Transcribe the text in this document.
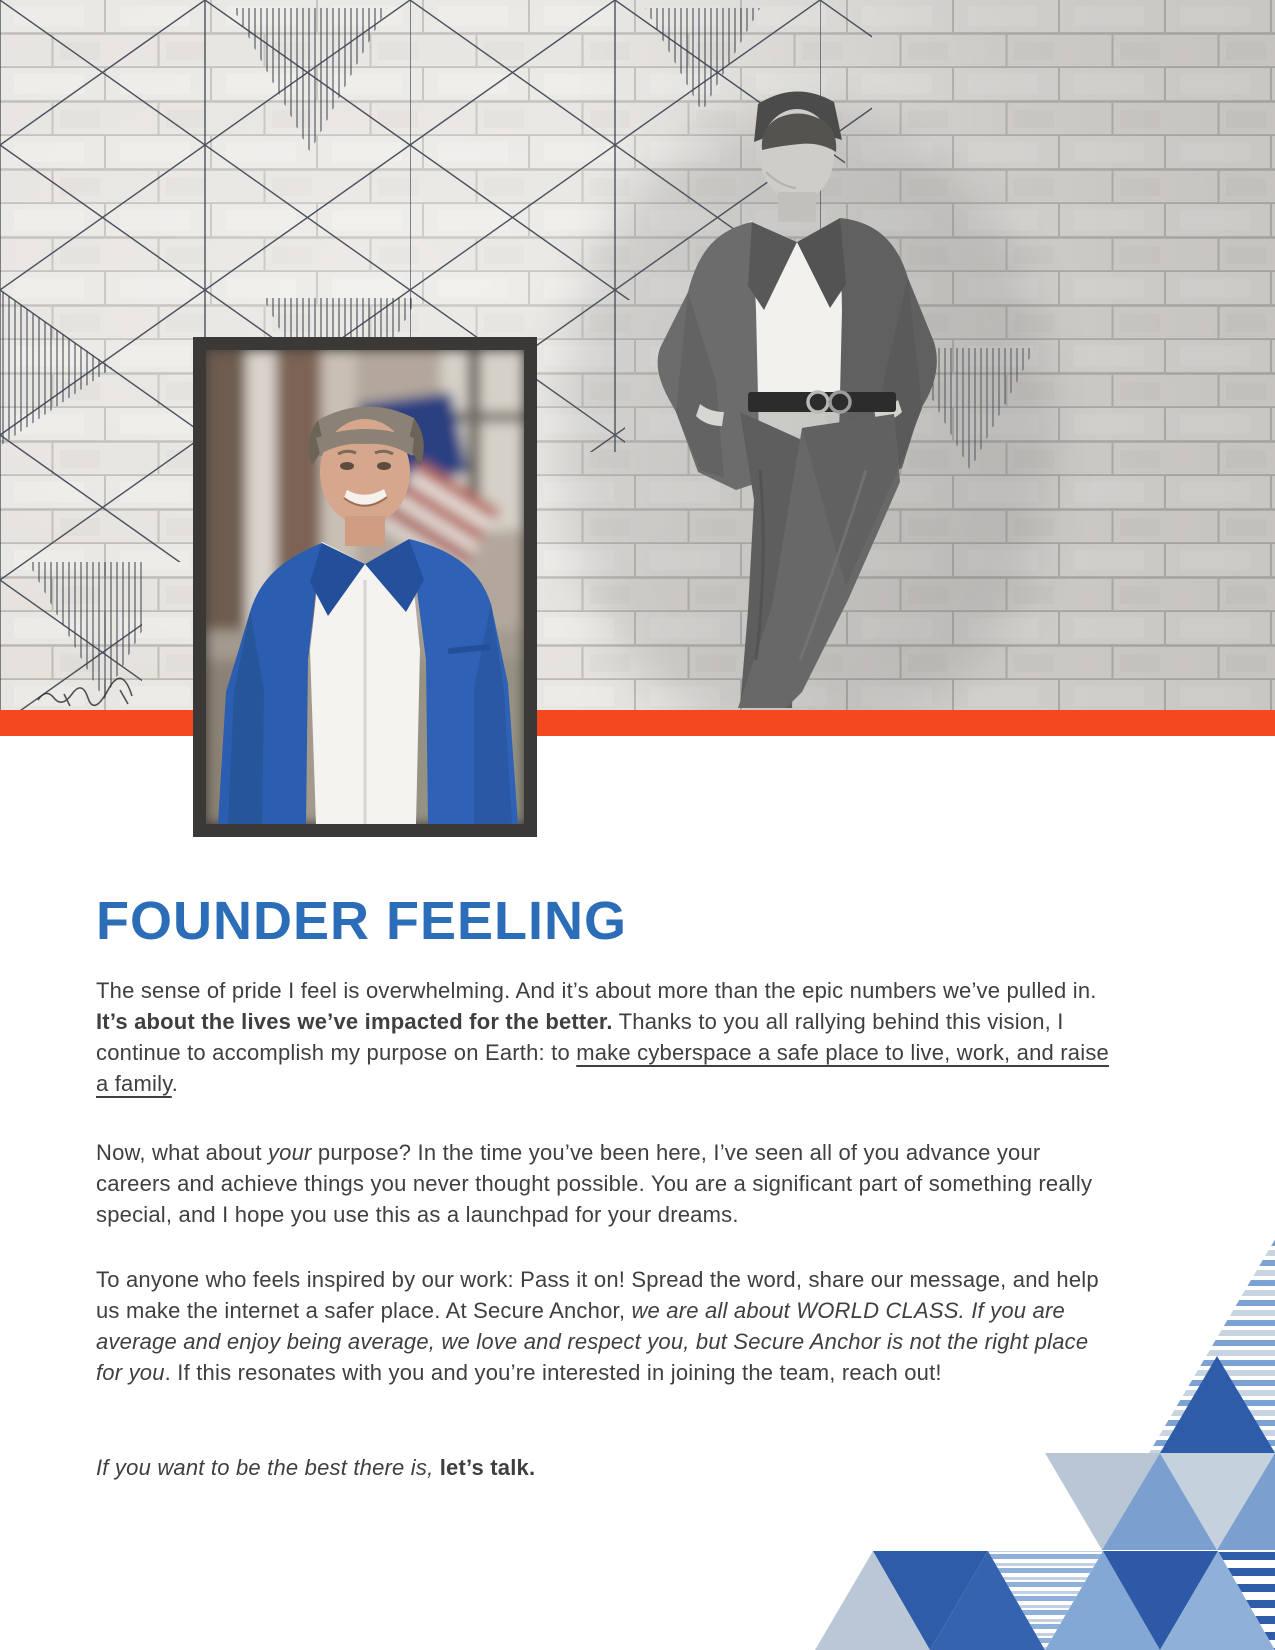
FOUNDER FEELING

The sense of pride I feel is overwhelming. And it’s about more than the epic numbers we’ve pulled in. It’s about the lives we’ve impacted for the better. Thanks to you all rallying behind this vision, I continue to accomplish my purpose on Earth: to make cyberspace a safe place to live, work, and raise a family.

Now, what about your purpose? In the time you’ve been here, I’ve seen all of you advance your careers and achieve things you never thought possible. You are a significant part of something really special, and I hope you use this as a launchpad for your dreams.

To anyone who feels inspired by our work: Pass it on! Spread the word, share our message, and help us make the internet a safer place. At Secure Anchor, we are all about WORLD CLASS. If you are average and enjoy being average, we love and respect you, but Secure Anchor is not the right place for you. If this resonates with you and you’re interested in joining the team, reach out!

If you want to be the best there is, let’s talk.
